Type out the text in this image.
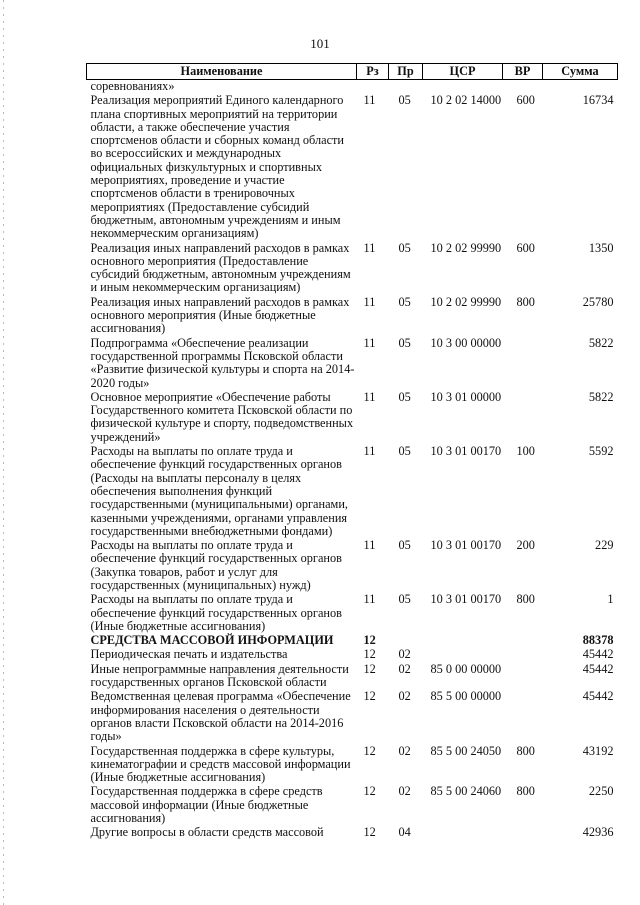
101
Наименование	Рз	Пр	ЦСР	ВР	Сумма
соревнованиях»					
Реализация мероприятий Единого календарного плана спортивных мероприятий на территории области, а также обеспечение участия спортсменов области и сборных команд области во всероссийских и международных официальных физкультурных и спортивных мероприятиях, проведение и участие спортсменов области в тренировочных мероприятиях (Предоставление субсидий бюджетным, автономным учреждениям и иным некоммерческим организациям)	11	05	10 2 02 14000	600	16734
Реализация иных направлений расходов в рамках основного мероприятия (Предоставление субсидий бюджетным, автономным учреждениям и иным некоммерческим организациям)	11	05	10 2 02 99990	600	1350
Реализация иных направлений расходов в рамках основного мероприятия (Иные бюджетные ассигнования)	11	05	10 2 02 99990	800	25780
Подпрограмма «Обеспечение реализации государственной программы Псковской области «Развитие физической культуры и спорта на 2014-2020 годы»	11	05	10 3 00 00000		5822
Основное мероприятие «Обеспечение работы Государственного комитета Псковской области по физической культуре и спорту, подведомственных учреждений»	11	05	10 3 01 00000		5822
Расходы на выплаты по оплате труда и обеспечение функций государственных органов (Расходы на выплаты персоналу в целях обеспечения выполнения функций государственными (муниципальными) органами, казенными учреждениями, органами управления государственными внебюджетными фондами)	11	05	10 3 01 00170	100	5592
Расходы на выплаты по оплате труда и обеспечение функций государственных органов (Закупка товаров, работ и услуг для государственных (муниципальных) нужд)	11	05	10 3 01 00170	200	229
Расходы на выплаты по оплате труда и обеспечение функций государственных органов (Иные бюджетные ассигнования)	11	05	10 3 01 00170	800	1
СРЕДСТВА МАССОВОЙ ИНФОРМАЦИИ	12				88378
Периодическая печать и издательства	12	02			45442
Иные непрограммные направления деятельности государственных органов Псковской области	12	02	85 0 00 00000		45442
Ведомственная целевая программа «Обеспечение информирования населения о деятельности органов власти Псковской области на 2014-2016 годы»	12	02	85 5 00 00000		45442
Государственная поддержка в сфере культуры, кинематографии и средств массовой информации (Иные бюджетные ассигнования)	12	02	85 5 00 24050	800	43192
Государственная поддержка в сфере средств массовой информации (Иные бюджетные ассигнования)	12	02	85 5 00 24060	800	2250
Другие вопросы в области средств массовой	12	04			42936
